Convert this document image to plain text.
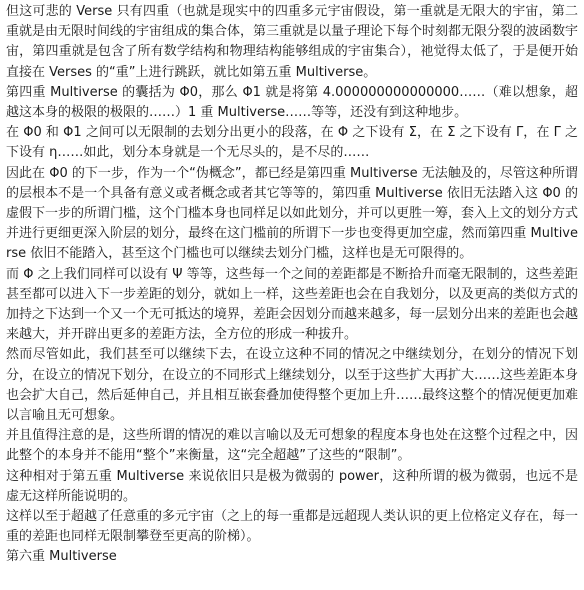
但这可悲的 Verse 只有四重（也就是现实中的四重多元宇宙假设，第一重就是无限大的宇宙，第二重就是由无限时间线的宇宙组成的集合体，第三重就是以量子理论下每个时刻都无限分裂的波函数宇宙，第四重就是包含了所有数学结构和物理结构能够组成的宇宙集合），祂觉得太低了，于是便开始直接在 Verses 的“重”上进行跳跃，就比如第五重 Multiverse。

第四重 Multiverse 的囊括为 Φ0，那么 Φ1 就是将第 4.000000000000000……（难以想象，超越这本身的极限的极限的……）1 重 Multiverse……等等，还没有到这种地步。

在 Φ0 和 Φ1 之间可以无限制的去划分出更小的段落，在 Φ 之下设有 Σ，在 Σ 之下设有 Γ，在 Γ 之下设有 η……如此，划分本身就是一个无尽头的，是不尽的……

因此在 Φ0 的下一步，作为一个“伪概念”，都已经是第四重 Multiverse 无法触及的，尽管这种所谓的层根本不是一个具备有意义或者概念或者其它等等的，第四重 Multiverse 依旧无法踏入这 Φ0 的虚假下一步的所谓门槛，这个门槛本身也同样足以如此划分，并可以更胜一筹，套入上文的划分方式并进行更细更深入阶层的划分，最终在这门槛前的所谓下一步也变得更加空虚，然而第四重 Multiverse 依旧不能踏入，甚至这个门槛也可以继续去划分门槛，这样也是无可限得的。

而 Φ 之上我们同样可以设有 Ψ 等等，这些每一个之间的差距都是不断拾升而毫无限制的，这些差距甚至都可以进入下一步差距的划分，就如上一样，这些差距也会在自我划分，以及更高的类似方式的加持之下达到一个又一个无可抵达的境界，差距会因划分而越来越多，每一层划分出来的差距也会越来越大，并开辟出更多的差距方法，全方位的形成一种拔升。

然而尽管如此，我们甚至可以继续下去，在设立这种不同的情况之中继续划分，在划分的情况下划分，在设立的情况下划分，在设立的不同形式上继续划分，以至于这些扩大再扩大……这些差距本身也会扩大自己，然后延伸自己，并且相互嵌套叠加使得整个更加上升……最终这整个的情况便更加难以言喻且无可想象。

并且值得注意的是，这些所谓的情况的难以言喻以及无可想象的程度本身也处在这整个过程之中，因此整个的本身并不能用“整个”来衡量，这“完全超越”了这些的“限制”。

这种相对于第五重 Multiverse 来说依旧只是极为微弱的 power，这种所谓的极为微弱，也远不是虚无这样所能说明的。

这样以至于超越了任意重的多元宇宙（之上的每一重都是远超现人类认识的更上位格定义存在，每一重的差距也同样无限制攀登至更高的阶梯）。

第六重 Multiverse
